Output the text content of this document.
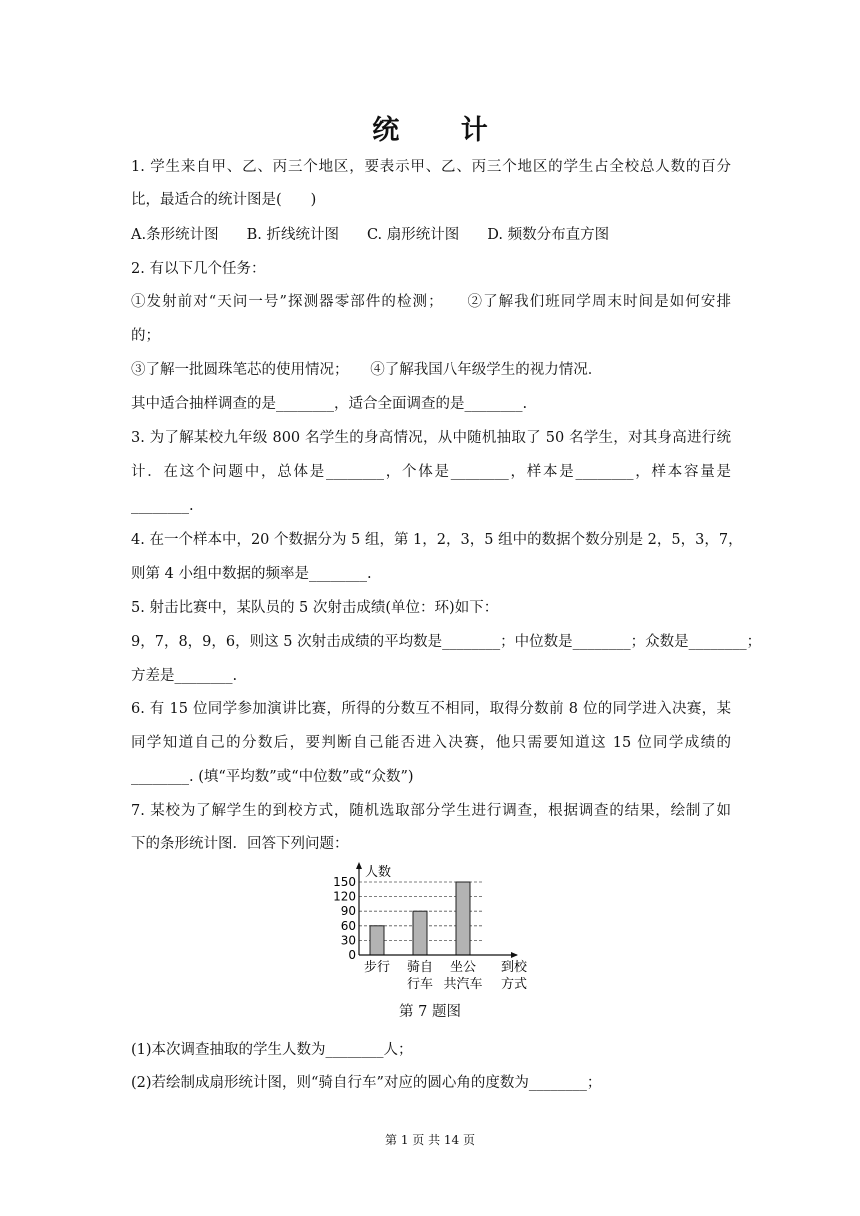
统 计
1. 学生来自甲、乙、丙三个地区，要表示甲、乙、丙三个地区的学生占全校总人数的百分
比，最适合的统计图是(　　)
A.条形统计图 B. 折线统计图 C. 扇形统计图 D. 频数分布直方图
2. 有以下几个任务：
①发射前对“天问一号”探测器零部件的检测；　　②了解我们班同学周末时间是如何安排
的；
③了解一批圆珠笔芯的使用情况；　　④了解我国八年级学生的视力情况．
其中适合抽样调查的是________，适合全面调查的是________.
3. 为了解某校九年级 800 名学生的身高情况，从中随机抽取了 50 名学生，对其身高进行统
计．在这个问题中，总体是________，个体是________，样本是________，样本容量是
________.
4. 在一个样本中，20 个数据分为 5 组，第 1，2，3，5 组中的数据个数分别是 2，5，3，7，
则第 4 小组中数据的频率是________.
5. 射击比赛中，某队员的 5 次射击成绩(单位：环)如下：
9，7，8，9，6，则这 5 次射击成绩的平均数是________；中位数是________；众数是________；
方差是________.
6. 有 15 位同学参加演讲比赛，所得的分数互不相同，取得分数前 8 位的同学进入决赛，某
同学知道自己的分数后，要判断自己能否进入决赛，他只需要知道这 15 位同学成绩的
________. (填“平均数”或“中位数”或“众数”)
7. 某校为了解学生的到校方式，随机选取部分学生进行调查，根据调查的结果，绘制了如
下的条形统计图．回答下列问题：
0
30
60
90
120
150
人数
步行 骑自
行车
坐公
共汽车
到校
方式
第 7 题图
(1)本次调查抽取的学生人数为________人；
(2)若绘制成扇形统计图，则“骑自行车”对应的圆心角的度数为________；
第 1 页 共 14 页
